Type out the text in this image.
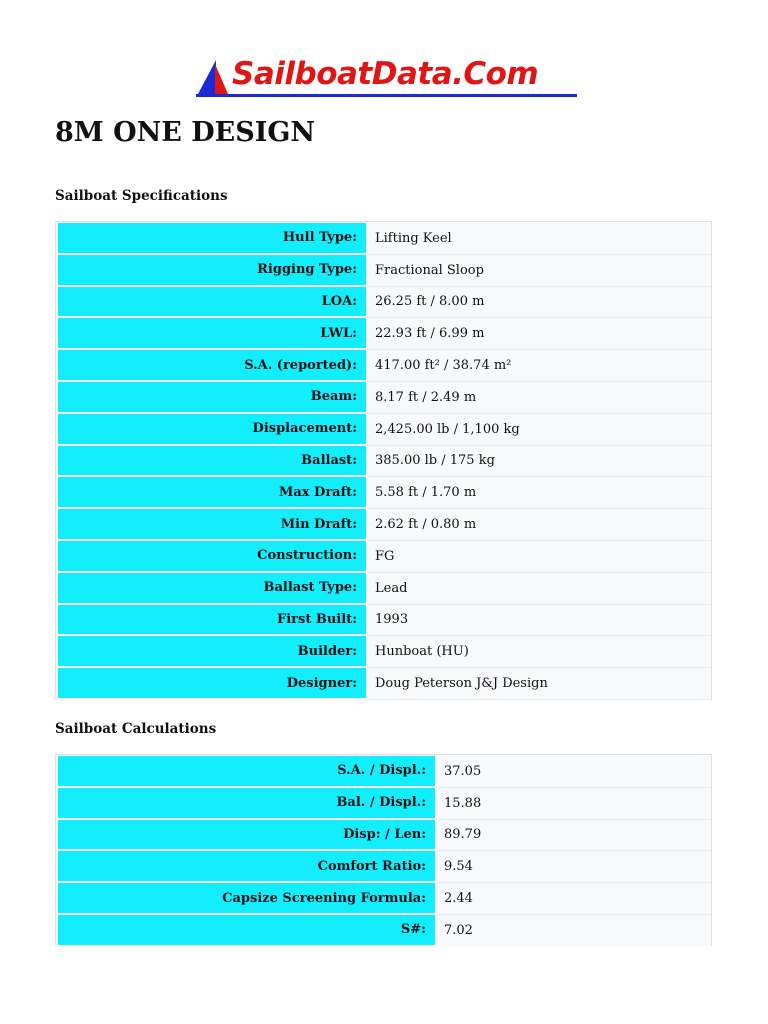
SailboatData.Com
8M ONE DESIGN
Sailboat Specifications
Hull Type:	Lifting Keel
Rigging Type:	Fractional Sloop
LOA:	26.25 ft / 8.00 m
LWL:	22.93 ft / 6.99 m
S.A. (reported):	417.00 ft² / 38.74 m²
Beam:	8.17 ft / 2.49 m
Displacement:	2,425.00 lb / 1,100 kg
Ballast:	385.00 lb / 175 kg
Max Draft:	5.58 ft / 1.70 m
Min Draft:	2.62 ft / 0.80 m
Construction:	FG
Ballast Type:	Lead
First Built:	1993
Builder:	Hunboat (HU)
Designer:	Doug Peterson J&J Design
Sailboat Calculations
S.A. / Displ.:	37.05
Bal. / Displ.:	15.88
Disp: / Len:	89.79
Comfort Ratio:	9.54
Capsize Screening Formula:	2.44
S#:	7.02
